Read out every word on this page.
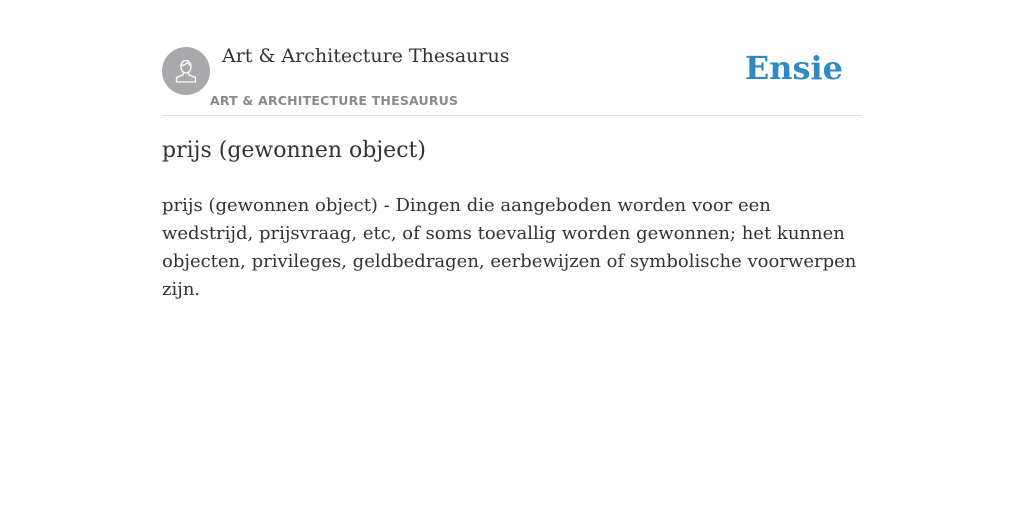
Art & Architecture Thesaurus
ART & ARCHITECTURE THESAURUS
Ensie
prijs (gewonnen object)

prijs (gewonnen object) - Dingen die aangeboden worden voor een wedstrijd, prijsvraag, etc, of soms toevallig worden gewonnen; het kunnen objecten, privileges, geldbedragen, eerbewijzen of symbolische voorwerpen zijn.
